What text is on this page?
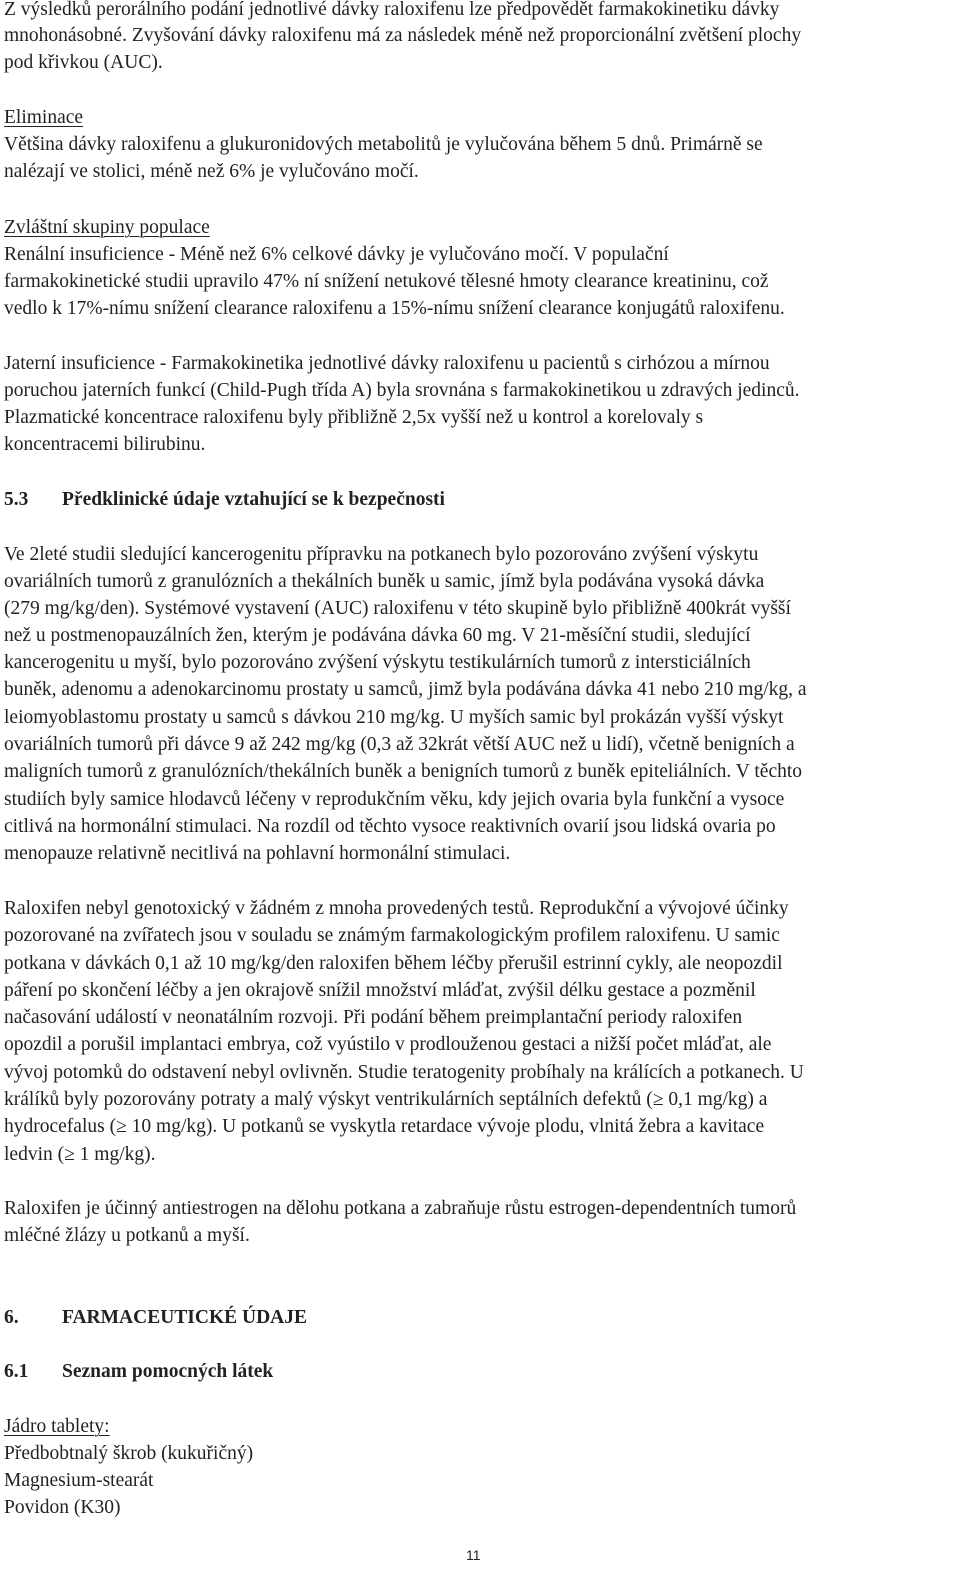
Z výsledků perorálního podání jednotlivé dávky raloxifenu lze předpovědět farmakokinetiku dávky
mnohonásobné. Zvyšování dávky raloxifenu má za následek méně než proporcionální zvětšení plochy
pod křivkou (AUC).
Eliminace
Většina dávky raloxifenu a glukuronidových metabolitů je vylučována během 5 dnů. Primárně se
nalézají ve stolici, méně než 6% je vylučováno močí.
Zvláštní skupiny populace
Renální insuficience - Méně než 6% celkové dávky je vylučováno močí. V populační
farmakokinetické studii upravilo 47% ní snížení netukové tělesné hmoty clearance kreatininu, což
vedlo k 17%-nímu snížení clearance raloxifenu a 15%-nímu snížení clearance konjugátů raloxifenu.
Jaterní insuficience - Farmakokinetika jednotlivé dávky raloxifenu u pacientů s cirhózou a mírnou
poruchou jaterních funkcí (Child-Pugh třída A) byla srovnána s farmakokinetikou u zdravých jedinců.
Plazmatické koncentrace raloxifenu byly přibližně 2,5x vyšší než u kontrol a korelovaly s
koncentracemi bilirubinu.
5.3 Předklinické údaje vztahující se k bezpečnosti
Ve 2leté studii sledující kancerogenitu přípravku na potkanech bylo pozorováno zvýšení výskytu
ovariálních tumorů z granulózních a thekálních buněk u samic, jímž byla podávána vysoká dávka
(279 mg/kg/den). Systémové vystavení (AUC) raloxifenu v této skupině bylo přibližně 400krát vyšší
než u postmenopauzálních žen, kterým je podávána dávka 60 mg. V 21-měsíční studii, sledující
kancerogenitu u myší, bylo pozorováno zvýšení výskytu testikulárních tumorů z intersticiálních
buněk, adenomu a adenokarcinomu prostaty u samců, jimž byla podávána dávka 41 nebo 210 mg/kg, a
leiomyoblastomu prostaty u samců s dávkou 210 mg/kg. U myších samic byl prokázán vyšší výskyt
ovariálních tumorů při dávce 9 až 242 mg/kg (0,3 až 32krát větší AUC než u lidí), včetně benigních a
maligních tumorů z granulózních/thekálních buněk a benigních tumorů z buněk epiteliálních. V těchto
studiích byly samice hlodavců léčeny v reprodukčním věku, kdy jejich ovaria byla funkční a vysoce
citlivá na hormonální stimulaci. Na rozdíl od těchto vysoce reaktivních ovarií jsou lidská ovaria po
menopauze relativně necitlivá na pohlavní hormonální stimulaci.
Raloxifen nebyl genotoxický v žádném z mnoha provedených testů. Reprodukční a vývojové účinky
pozorované na zvířatech jsou v souladu se známým farmakologickým profilem raloxifenu. U samic
potkana v dávkách 0,1 až 10 mg/kg/den raloxifen během léčby přerušil estrinní cykly, ale neopozdil
páření po skončení léčby a jen okrajově snížil množství mláďat, zvýšil délku gestace a pozměnil
načasování událostí v neonatálním rozvoji. Při podání během preimplantační periody raloxifen
opozdil a porušil implantaci embrya, což vyústilo v prodlouženou gestaci a nižší počet mláďat, ale
vývoj potomků do odstavení nebyl ovlivněn. Studie teratogenity probíhaly na králících a potkanech. U
králíků byly pozorovány potraty a malý výskyt ventrikulárních septálních defektů (≥ 0,1 mg/kg) a
hydrocefalus (≥ 10 mg/kg). U potkanů se vyskytla retardace vývoje plodu, vlnitá žebra a kavitace
ledvin (≥ 1 mg/kg).
Raloxifen je účinný antiestrogen na dělohu potkana a zabraňuje růstu estrogen-dependentních tumorů
mléčné žlázy u potkanů a myší.
6. FARMACEUTICKÉ ÚDAJE
6.1 Seznam pomocných látek
Jádro tablety:
Předbobtnalý škrob (kukuřičný)
Magnesium-stearát
Povidon (K30)
11
